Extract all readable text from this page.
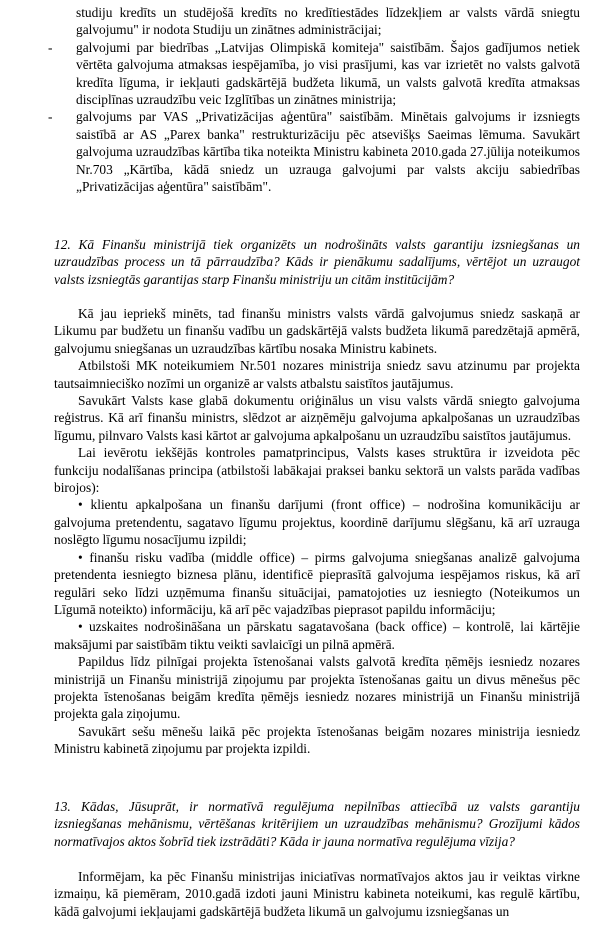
studiju kredīts un studējošā kredīts no kredītiestādes līdzekļiem ar valsts vārdā sniegtu galvojumu" ir nodota Studiju un zinātnes administrācijai;
-	galvojumi par biedrības „Latvijas Olimpiskā komiteja" saistībām. Šajos gadījumos netiek vērtēta galvojuma atmaksas iespējamība, jo visi prasījumi, kas var izrietēt no valsts galvotā kredīta līguma, ir iekļauti gadskārtējā budžeta likumā, un valsts galvotā kredīta atmaksas disciplīnas uzraudzību veic Izglītības un zinātnes ministrija;
-	galvojums par VAS „Privatizācijas aģentūra" saistībām. Minētais galvojums ir izsniegts saistībā ar AS „Parex banka" restrukturizāciju pēc atsevišķs Saeimas lēmuma. Savukārt galvojuma uzraudzības kārtība tika noteikta Ministru kabineta 2010.gada 27.jūlija noteikumos Nr.703 „Kārtība, kādā sniedz un uzrauga galvojumi par valsts akciju sabiedrības „Privatizācijas aģentūra" saistībām".
12. Kā Finanšu ministrijā tiek organizēts un nodrošināts valsts garantiju izsniegšanas un uzraudzības process un tā pārraudzība? Kāds ir pienākumu sadalījums, vērtējot un uzraugot valsts izsniegtās garantijas starp Finanšu ministriju un citām institūcijām?

Kā jau iepriekš minēts, tad finanšu ministrs valsts vārdā galvojumus sniedz saskaņā ar Likumu par budžetu un finanšu vadību un gadskārtējā valsts budžeta likumā paredzētajā apmērā, galvojumu sniegšanas un uzraudzības kārtību nosaka Ministru kabinets.

Atbilstoši MK noteikumiem Nr.501 nozares ministrija sniedz savu atzinumu par projekta tautsaimnieciško nozīmi un organizē ar valsts atbalstu saistītos jautājumus.

Savukārt Valsts kase glabā dokumentu oriģinālus un visu valsts vārdā sniegto galvojuma reģistrus. Kā arī finanšu ministrs, slēdzot ar aizņēmēju galvojuma apkalpošanas un uzraudzības līgumu, pilnvaro Valsts kasi kārtot ar galvojuma apkalpošanu un uzraudzību saistītos jautājumus.

Lai ievērotu iekšējās kontroles pamatprincipus, Valsts kases struktūra ir izveidota pēc funkciju nodalīšanas principa (atbilstoši labākajai praksei banku sektorā un valsts parāda vadības birojos):

• klientu apkalpošana un finanšu darījumi (front office) – nodrošina komunikāciju ar galvojuma pretendentu, sagatavo līgumu projektus, koordinē darījumu slēgšanu, kā arī uzrauga noslēgto līgumu nosacījumu izpildi;

• finanšu risku vadība (middle office) – pirms galvojuma sniegšanas analizē galvojuma pretendenta iesniegto biznesa plānu, identificē pieprasītā galvojuma iespējamos riskus, kā arī regulāri seko līdzi uzņēmuma finanšu situācijai, pamatojoties uz iesniegto (Noteikumos un Līgumā noteikto) informāciju, kā arī pēc vajadzības pieprasot papildu informāciju;

• uzskaites nodrošināšana un pārskatu sagatavošana (back office) – kontrolē, lai kārtējie maksājumi par saistībām tiktu veikti savlaicīgi un pilnā apmērā.

Papildus līdz pilnīgai projekta īstenošanai valsts galvotā kredīta ņēmējs iesniedz nozares ministrijā un Finanšu ministrijā ziņojumu par projekta īstenošanas gaitu un divus mēnešus pēc projekta īstenošanas beigām kredīta ņēmējs iesniedz nozares ministrijā un Finanšu ministrijā projekta gala ziņojumu.

Savukārt sešu mēnešu laikā pēc projekta īstenošanas beigām nozares ministrija iesniedz Ministru kabinetā ziņojumu par projekta izpildi.

13. Kādas, Jūsuprāt, ir normatīvā regulējuma nepilnības attiecībā uz valsts garantiju izsniegšanas mehānismu, vērtēšanas kritērijiem un uzraudzības mehānismu? Grozījumi kādos normatīvajos aktos šobrīd tiek izstrādāti? Kāda ir jauna normatīva regulējuma vīzija?

Informējam, ka pēc Finanšu ministrijas iniciatīvas normatīvajos aktos jau ir veiktas virkne izmaiņu, kā piemēram, 2010.gadā izdoti jauni Ministru kabineta noteikumi, kas regulē kārtību, kādā galvojumi iekļaujami gadskārtējā budžeta likumā un galvojumu izsniegšanas un
